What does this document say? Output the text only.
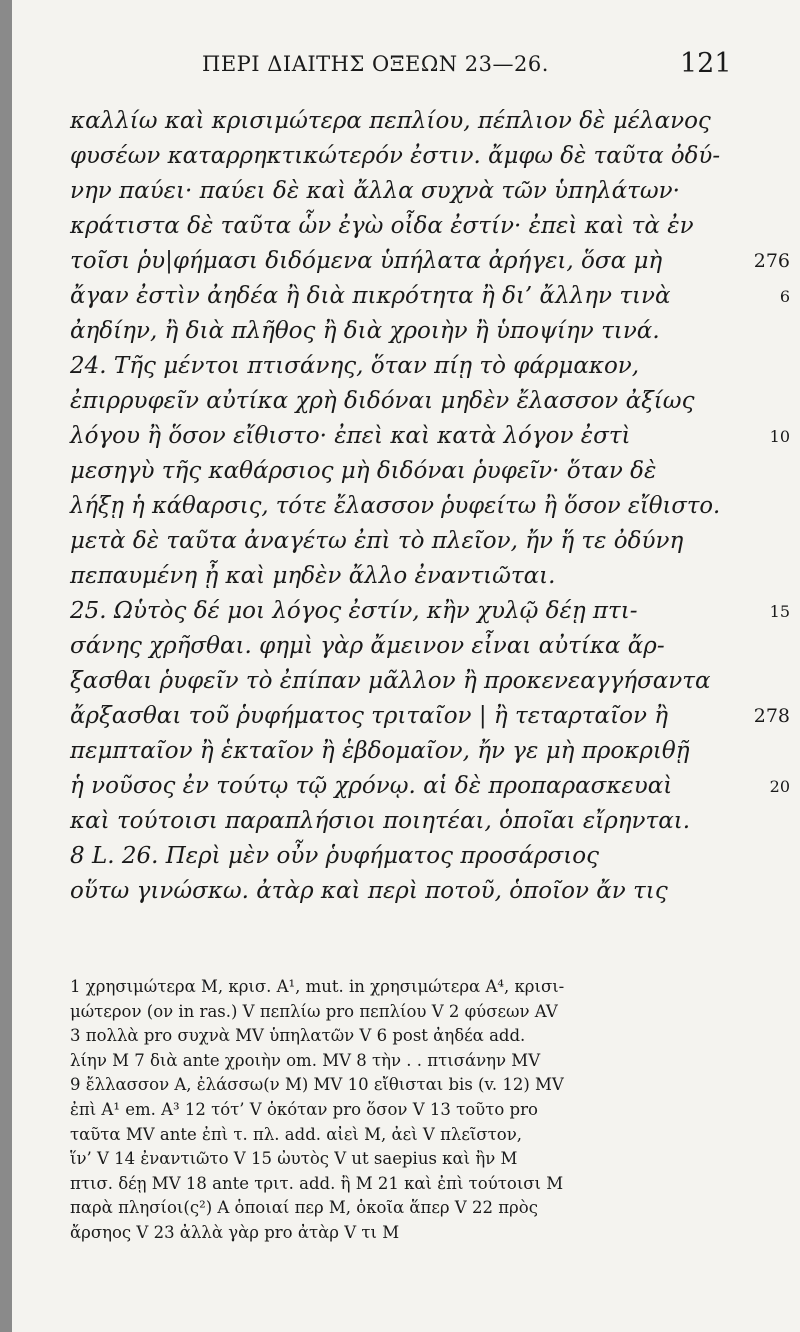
ΠΕΡΙ ΔΙΑΙΤΗΣ ΟΞΕΩΝ 23—26.	121
καλλίω καὶ κρισιμώτερα πεπλίου, πέπλιον δὲ μέλανος
φυσέων καταρρηκτικώτερόν ἐστιν. ἄμφω δὲ ταῦτα ὀδύ-
νην παύει· παύει δὲ καὶ ἄλλα συχνὰ τῶν ὑπηλάτων·
κράτιστα δὲ ταῦτα ὧν ἐγὼ οἶδα ἐστίν· ἐπεὶ καὶ τὰ ἐν
τοῖσι ῥυ|φήμασι διδόμενα ὑπήλατα ἀρήγει, ὅσα μὴ	276
ἄγαν ἐστὶν ἀηδέα ἢ διὰ πικρότητα ἢ δι’ ἄλλην τινὰ	6
ἀηδίην, ἢ διὰ πλῆθος ἢ διὰ χροιὴν ἢ ὑποψίην τινά.
24. Τῆς μέντοι πτισάνης, ὅταν πίῃ τὸ φάρμακον,
ἐπιρρυφεῖν αὐτίκα χρὴ διδόναι μηδὲν ἔλασσον ἀξίως
λόγου ἢ ὅσον εἴθιστο· ἐπεὶ καὶ κατὰ λόγον ἐστὶ	10
μεσηγὺ τῆς καθάρσιος μὴ διδόναι ῥυφεῖν· ὅταν δὲ
λήξῃ ἡ κάθαρσις, τότε ἔλασσον ῥυφείτω ἢ ὅσον εἴθιστο.
μετὰ δὲ ταῦτα ἀναγέτω ἐπὶ τὸ πλεῖον, ἤν ἥ τε ὀδύνη
πεπαυμένη ᾖ καὶ μηδὲν ἄλλο ἐναντιῶται.
25. Ωὑτὸς δέ μοι λόγος ἐστίν, κἢν χυλῷ δέῃ πτι-	15
σάνης χρῆσθαι. φημὶ γὰρ ἄμεινον εἶναι αὐτίκα ἄρ-
ξασθαι ῥυφεῖν τὸ ἐπίπαν μᾶλλον ἢ προκενεαγγήσαντα
ἄρξασθαι τοῦ ῥυφήματος τριταῖον | ἢ τεταρταῖον ἢ	278
πεμπταῖον ἢ ἑκταῖον ἢ ἑβδομαῖον, ἤν γε μὴ προκριθῇ
ἡ νοῦσος ἐν τούτῳ τῷ χρόνῳ. αἱ δὲ προπαρασκευαὶ	20
καὶ τούτοισι παραπλήσιοι ποιητέαι, ὁποῖαι εἴρηνται.
8 L. 26. Περὶ μὲν οὖν ῥυφήματος προσάρσιος
οὕτω γινώσκω. ἀτὰρ καὶ περὶ ποτοῦ, ὁποῖον ἄν τις
1 χρησιμώτερα M, κρισ. A¹, mut. in χρησιμώτερα A⁴, κρισι-
μώτερον (ον in ras.) V πεπλίω pro πεπλίου V 2 φύσεων AV
3 πολλὰ pro συχνὰ MV ὑπηλατῶν V 6 post ἀηδέα add.
λίην M 7 διὰ ante χροιὴν om. MV 8 τὴν . . πτισάνην MV
9 ἔλλασσον A, ἐλάσσω(ν M) MV 10 εἴθισται bis (v. 12) MV
ἐπὶ A¹ em. A³ 12 τότ’ V ὁκόταν pro ὅσον V 13 τοῦτο pro
ταῦτα MV ante ἐπὶ τ. πλ. add. αἰεὶ M, ἀεὶ V πλεῖστον,
ἵν’ V 14 ἐναντιῶτο V 15 ὠυτὸς V ut saepius καὶ ἢν M
πτισ. δέῃ MV 18 ante τριτ. add. ἢ M 21 καὶ ἐπὶ τούτοισι M
παρὰ πλησίοι(ς²) A ὁποιαί περ M, ὁκοῖα ἅπερ V 22 πρὸς
ἄρσηος V 23 ἀλλὰ γὰρ pro ἀτὰρ V τι M
